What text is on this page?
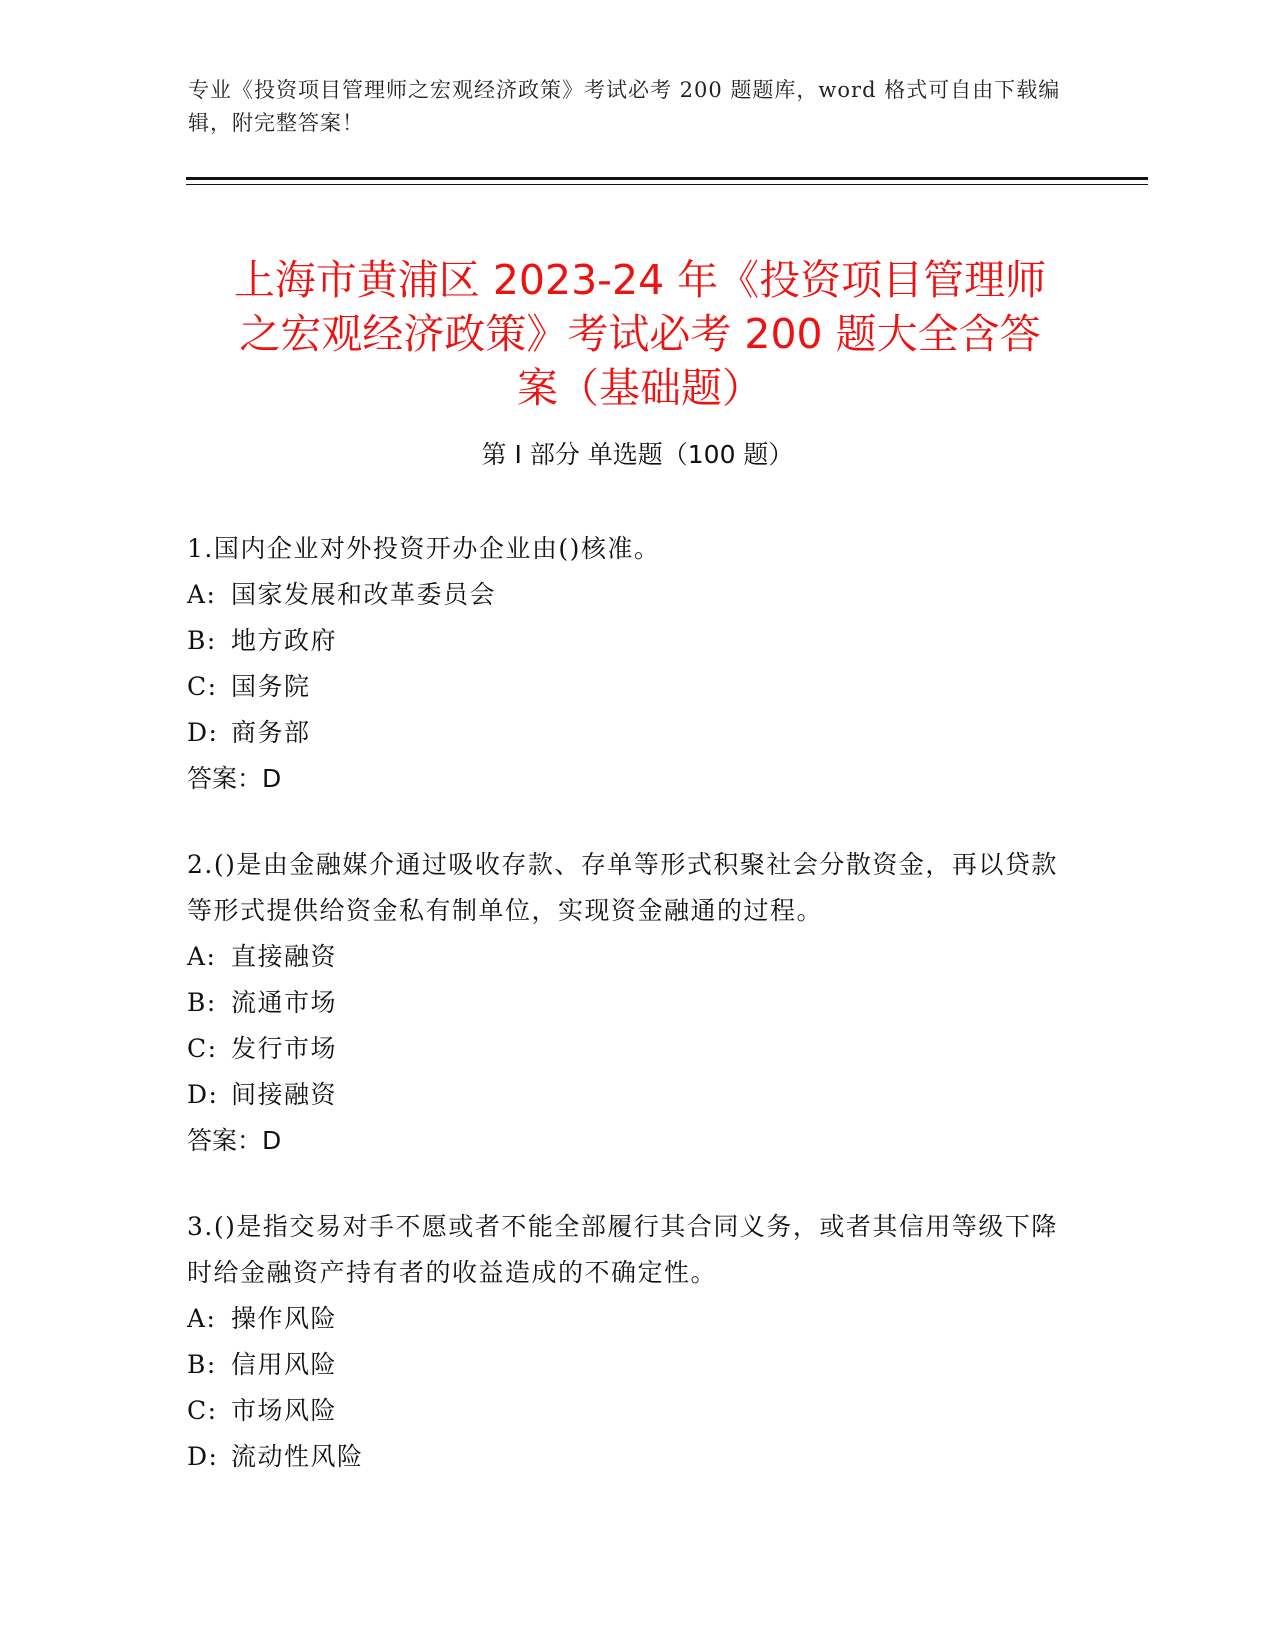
专业《投资项目管理师之宏观经济政策》考试必考 200 题题库，word 格式可自由下载编辑，附完整答案！
上海市黄浦区 2023-24 年《投资项目管理师
之宏观经济政策》考试必考 200 题大全含答
案（基础题）
第 I 部分 单选题（100 题）

1.国内企业对外投资开办企业由()核准。

A: 国家发展和改革委员会
B: 地方政府
C: 国务院
D: 商务部

答案：D

2.()是由金融媒介通过吸收存款、存单等形式积聚社会分散资金，再以贷款等形式提供给资金私有制单位，实现资金融通的过程。

A: 直接融资
B: 流通市场
C: 发行市场
D: 间接融资

答案：D

3.()是指交易对手不愿或者不能全部履行其合同义务，或者其信用等级下降时给金融资产持有者的收益造成的不确定性。

A: 操作风险
B: 信用风险
C: 市场风险
D: 流动性风险
